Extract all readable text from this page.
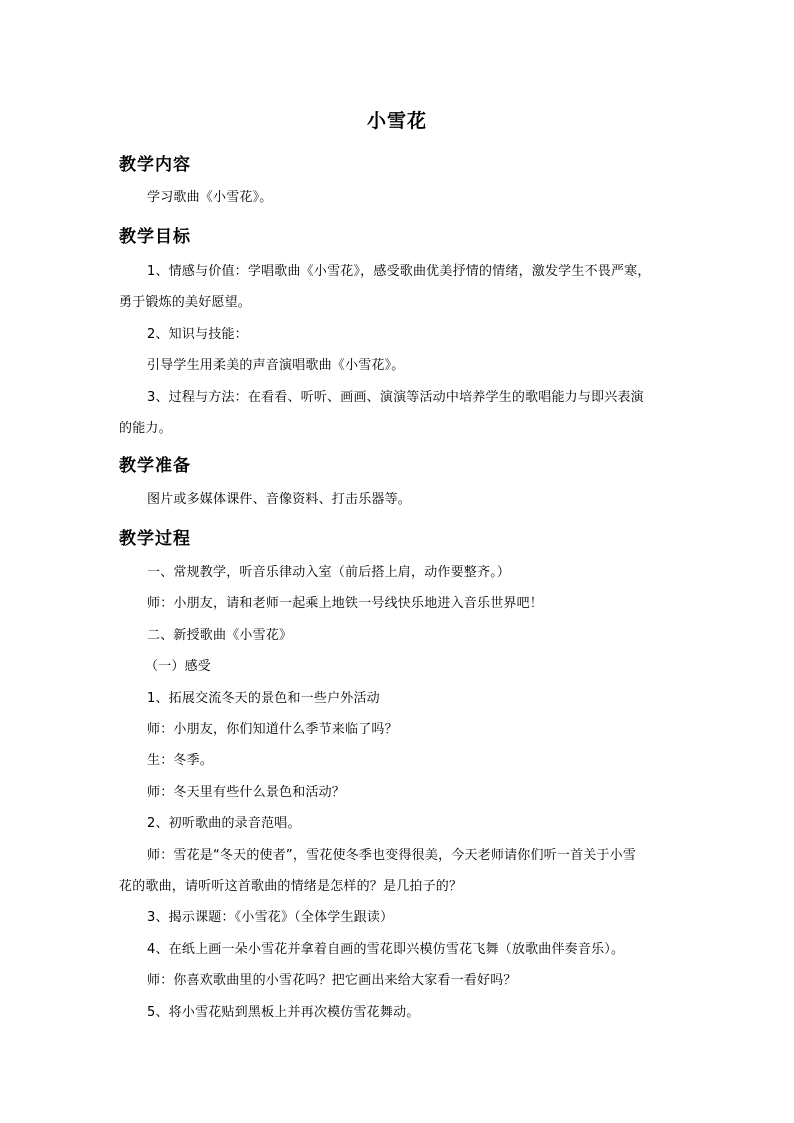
小雪花
教学内容
学习歌曲《小雪花》。
教学目标
1、情感与价值：学唱歌曲《小雪花》，感受歌曲优美抒情的情绪，激发学生不畏严寒，
勇于锻炼的美好愿望。
2、知识与技能：
引导学生用柔美的声音演唱歌曲《小雪花》。
3、过程与方法：在看看、听听、画画、演演等活动中培养学生的歌唱能力与即兴表演
的能力。
教学准备
图片或多媒体课件、音像资料、打击乐器等。
教学过程
一、常规教学，听音乐律动入室（前后搭上肩，动作要整齐。）
师：小朋友，请和老师一起乘上地铁一号线快乐地进入音乐世界吧！
二、新授歌曲《小雪花》
（一）感受
1、拓展交流冬天的景色和一些户外活动
师：小朋友，你们知道什么季节来临了吗？
生：冬季。
师：冬天里有些什么景色和活动？
2、初听歌曲的录音范唱。
师：雪花是“冬天的使者”，雪花使冬季也变得很美，今天老师请你们听一首关于小雪
花的歌曲，请听听这首歌曲的情绪是怎样的？是几拍子的？
3、揭示课题：《小雪花》（全体学生跟读）
4、在纸上画一朵小雪花并拿着自画的雪花即兴模仿雪花飞舞（放歌曲伴奏音乐）。
师：你喜欢歌曲里的小雪花吗？把它画出来给大家看一看好吗？
5、将小雪花贴到黑板上并再次模仿雪花舞动。
